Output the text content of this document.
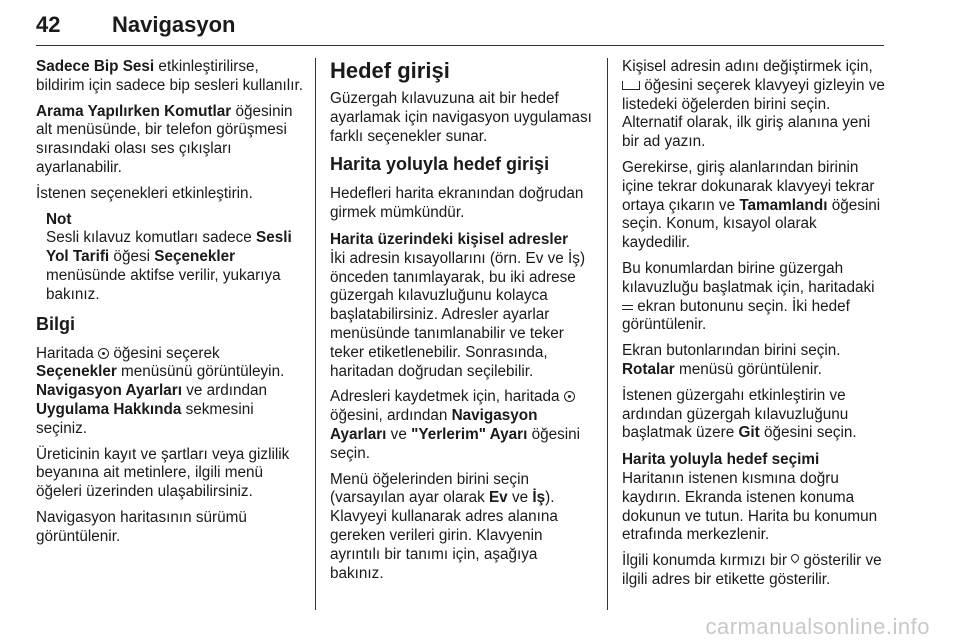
42 Navigasyon

Sadece Bip Sesi etkinleştirilirse, bildirim için sadece bip sesleri kullanılır.

Arama Yapılırken Komutlar öğesinin alt menüsünde, bir telefon görüşmesi sırasındaki olası ses çıkışları ayarlanabilir.

İstenen seçenekleri etkinleştirin.

Not
Sesli kılavuz komutları sadece Sesli Yol Tarifi öğesi Seçenekler menüsünde aktifse verilir, yukarıya bakınız.
Bilgi

Haritada  öğesini seçerek Seçenekler menüsünü görüntüleyin. Navigasyon Ayarları ve ardından Uygulama Hakkında sekmesini seçiniz.

Üreticinin kayıt ve şartları veya gizlilik beyanına ait metinlere, ilgili menü öğeleri üzerinden ulaşabilirsiniz.

Navigasyon haritasının sürümü görüntülenir.

Hedef girişi

Güzergah kılavuzuna ait bir hedef ayarlamak için navigasyon uygulaması farklı seçenekler sunar.

Harita yoluyla hedef girişi

Hedefleri harita ekranından doğrudan girmek mümkündür.

Harita üzerindeki kişisel adresler

İki adresin kısayollarını (örn. Ev ve İş) önceden tanımlayarak, bu iki adrese güzergah kılavuzluğunu kolayca başlatabilirsiniz. Adresler ayarlar menüsünde tanımlanabilir ve teker teker etiketlenebilir. Sonrasında, haritadan doğrudan seçilebilir.

Adresleri kaydetmek için, haritada  öğesini, ardından Navigasyon Ayarları ve "Yerlerim" Ayarı öğesini seçin.

Menü öğelerinden birini seçin (varsayılan ayar olarak Ev ve İş). Klavyeyi kullanarak adres alanına gereken verileri girin. Klavyenin ayrıntılı bir tanımı için, aşağıya bakınız.

Kişisel adresin adını değiştirmek için,  öğesini seçerek klavyeyi gizleyin ve listedeki öğelerden birini seçin. Alternatif olarak, ilk giriş alanına yeni bir ad yazın.

Gerekirse, giriş alanlarından birinin içine tekrar dokunarak klavyeyi tekrar ortaya çıkarın ve Tamamlandı öğesini seçin. Konum, kısayol olarak kaydedilir.

Bu konumlardan birine güzergah kılavuzluğu başlatmak için, haritadaki  ekran butonunu seçin. İki hedef görüntülenir.

Ekran butonlarından birini seçin. Rotalar menüsü görüntülenir.

İstenen güzergahı etkinleştirin ve ardından güzergah kılavuzluğunu başlatmak üzere Git öğesini seçin.

Harita yoluyla hedef seçimi

Haritanın istenen kısmına doğru kaydırın. Ekranda istenen konuma dokunun ve tutun. Harita bu konumun etrafında merkezlenir.

İlgili konumda kırmızı bir  gösterilir ve ilgili adres bir etikette gösterilir.

carmanualsonline.info
